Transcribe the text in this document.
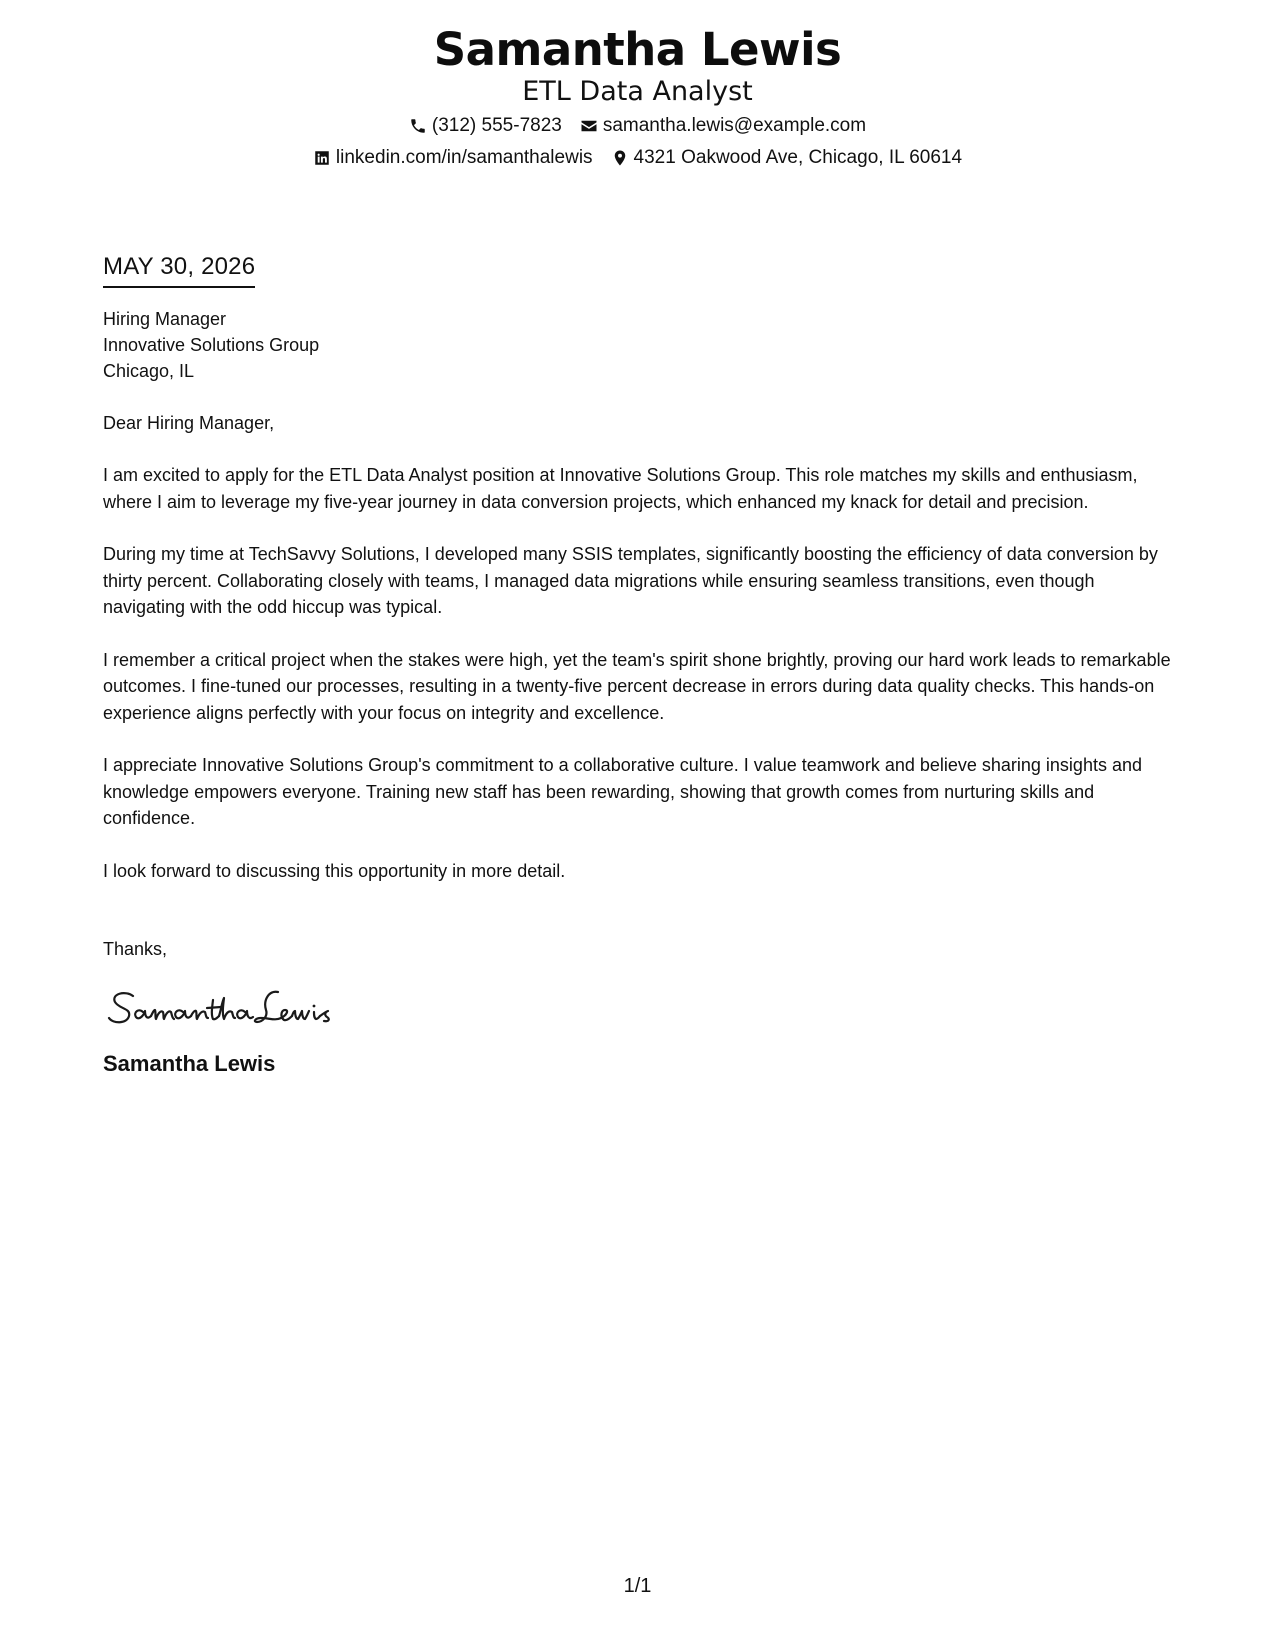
Samantha Lewis
ETL Data Analyst
(312) 555-7823 samantha.lewis@example.com
linkedin.com/in/samanthalewis 4321 Oakwood Ave, Chicago, IL 60614
MAY 30, 2026
Hiring Manager
Innovative Solutions Group
Chicago, IL
Dear Hiring Manager,
I am excited to apply for the ETL Data Analyst position at Innovative Solutions Group. This role matches my skills and enthusiasm, where I aim to leverage my five-year journey in data conversion projects, which enhanced my knack for detail and precision.
During my time at TechSavvy Solutions, I developed many SSIS templates, significantly boosting the efficiency of data conversion by thirty percent. Collaborating closely with teams, I managed data migrations while ensuring seamless transitions, even though navigating with the odd hiccup was typical.
I remember a critical project when the stakes were high, yet the team's spirit shone brightly, proving our hard work leads to remarkable outcomes. I fine-tuned our processes, resulting in a twenty-five percent decrease in errors during data quality checks. This hands-on experience aligns perfectly with your focus on integrity and excellence.
I appreciate Innovative Solutions Group's commitment to a collaborative culture. I value teamwork and believe sharing insights and knowledge empowers everyone. Training new staff has been rewarding, showing that growth comes from nurturing skills and confidence.
I look forward to discussing this opportunity in more detail.
Thanks,
Samantha Lewis
1/1
